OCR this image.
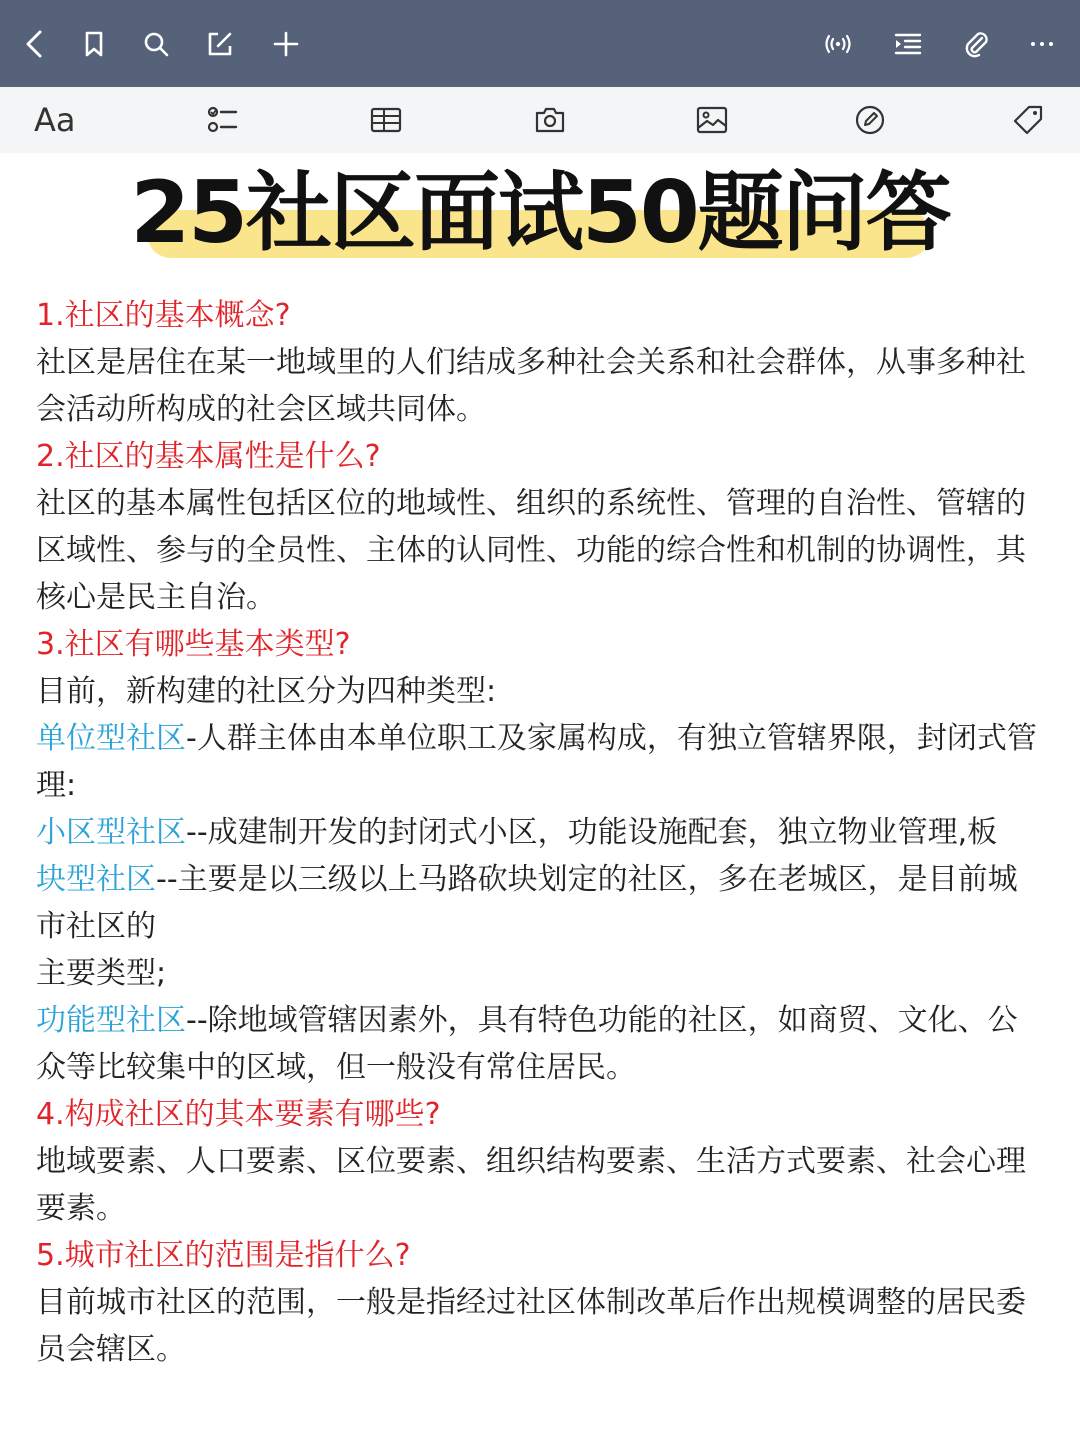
Aa
25社区面试50题问答

1.社区的基本概念?

社区是居住在某一地域里的人们结成多种社会关系和社会群体，从事多种社会活动所构成的社会区域共同体。

2.社区的基本属性是什么?

社区的基本属性包括区位的地域性、组织的系统性、管理的自治性、管辖的区域性、参与的全员性、主体的认同性、功能的综合性和机制的协调性，其核心是民主自治。

3.社区有哪些基本类型?

目前，新构建的社区分为四种类型:

单位型社区-人群主体由本单位职工及家属构成，有独立管辖界限，封闭式管理:

小区型社区--成建制开发的封闭式小区，功能设施配套，独立物业管理,板

块型社区--主要是以三级以上马路砍块划定的社区，多在老城区，是目前城市社区的

主要类型;

功能型社区--除地域管辖因素外，具有特色功能的社区，如商贸、文化、公众等比较集中的区域，但一般没有常住居民。

4.构成社区的其本要素有哪些?

地域要素、人口要素、区位要素、组织结构要素、生活方式要素、社会心理要素。

5.城市社区的范围是指什么?

目前城市社区的范围，一般是指经过社区体制改革后作出规模调整的居民委员会辖区。
